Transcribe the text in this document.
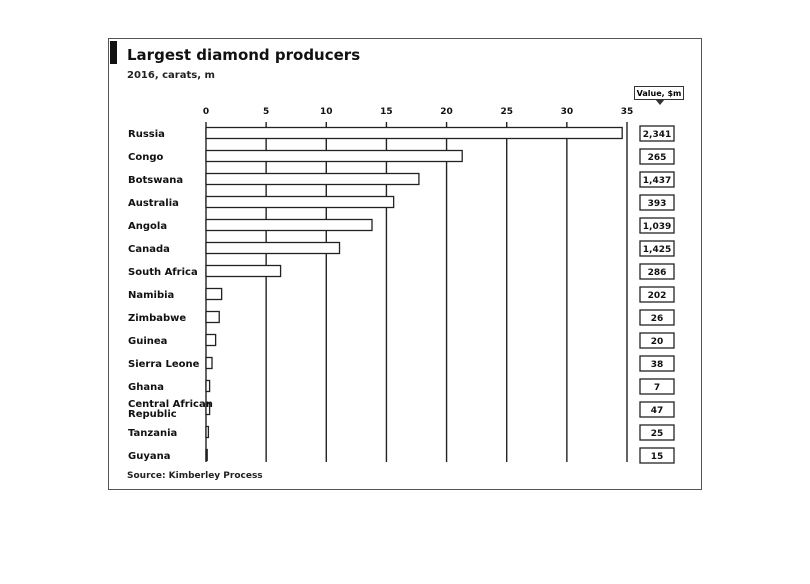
Largest diamond producers
2016, carats, m
Value, $m
0	5	10	15	20	25	30	35
Russia	2,341
Congo	265
Botswana	1,437
Australia	393
Angola	1,039
Canada	1,425
South Africa	286
Namibia	202
Zimbabwe	26
Guinea	20
Sierra Leone	38
Ghana	7
Central African Republic	47
Tanzania	25
Guyana	15
Source: Kimberley Process
